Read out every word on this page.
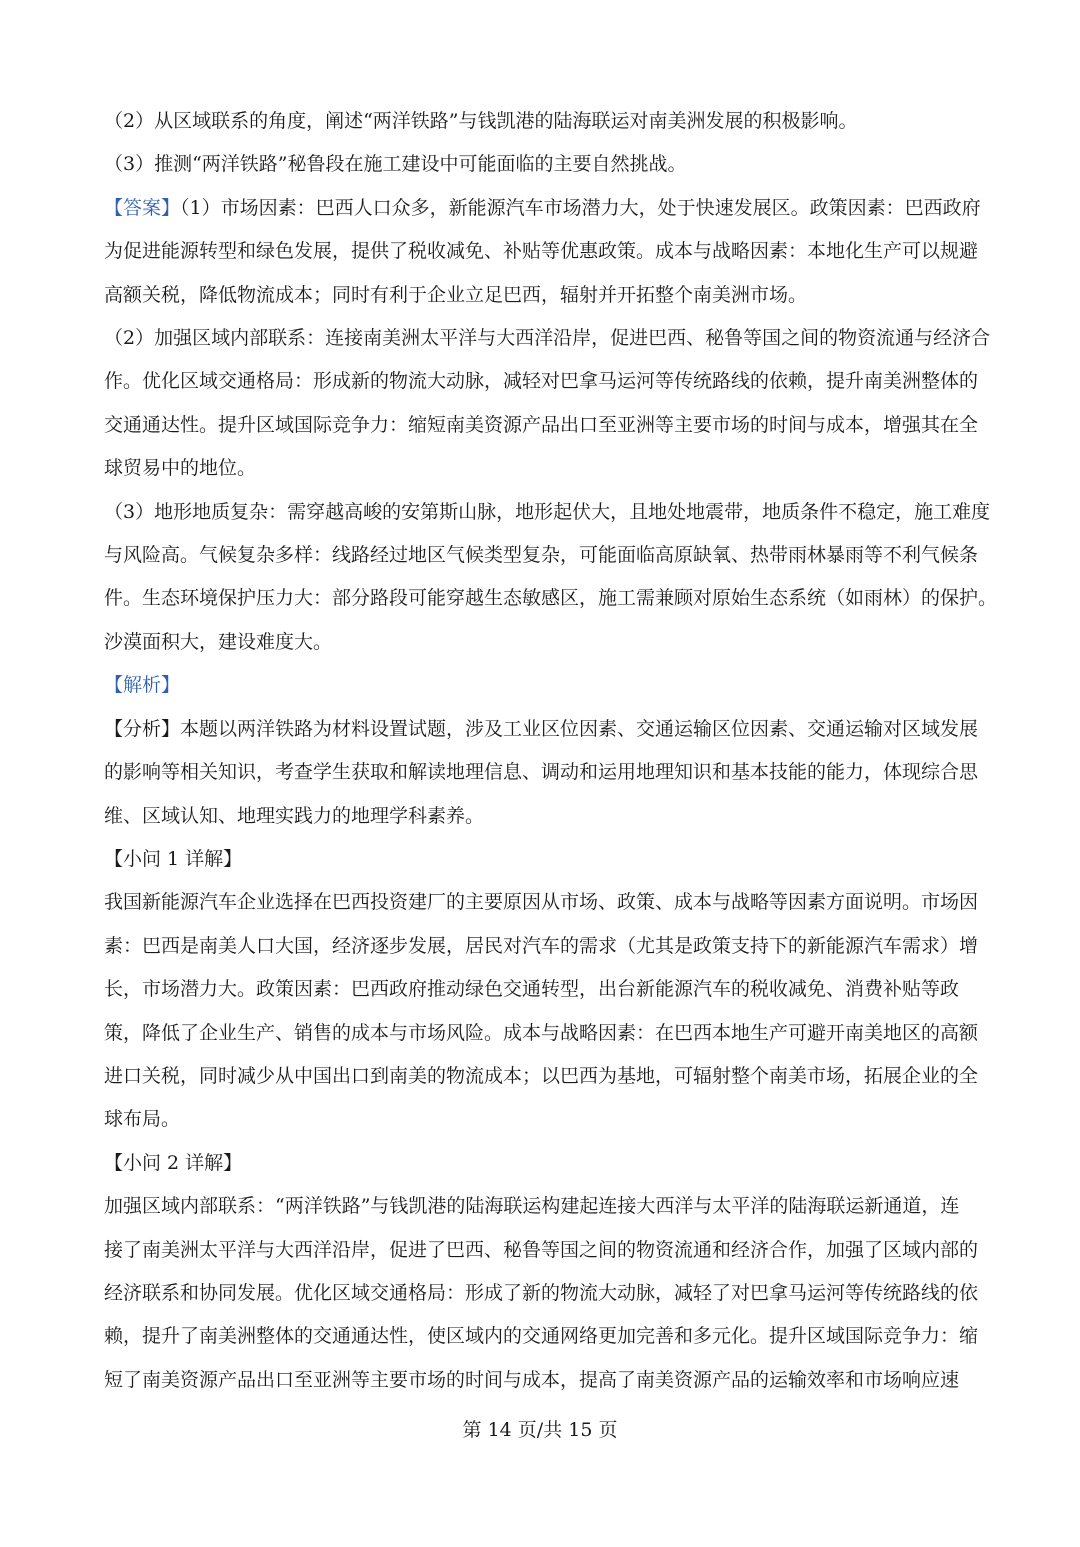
（2）从区域联系的角度，阐述“两洋铁路”与钱凯港的陆海联运对南美洲发展的积极影响。
（3）推测“两洋铁路”秘鲁段在施工建设中可能面临的主要自然挑战。
【答案】（1）市场因素：巴西人口众多，新能源汽车市场潜力大，处于快速发展区。政策因素：巴西政府
为促进能源转型和绿色发展，提供了税收减免、补贴等优惠政策。成本与战略因素：本地化生产可以规避
高额关税，降低物流成本；同时有利于企业立足巴西，辐射并开拓整个南美洲市场。
（2）加强区域内部联系：连接南美洲太平洋与大西洋沿岸，促进巴西、秘鲁等国之间的物资流通与经济合
作。优化区域交通格局：形成新的物流大动脉，减轻对巴拿马运河等传统路线的依赖，提升南美洲整体的
交通通达性。提升区域国际竞争力：缩短南美资源产品出口至亚洲等主要市场的时间与成本，增强其在全
球贸易中的地位。
（3）地形地质复杂：需穿越高峻的安第斯山脉，地形起伏大，且地处地震带，地质条件不稳定，施工难度
与风险高。气候复杂多样：线路经过地区气候类型复杂，可能面临高原缺氧、热带雨林暴雨等不利气候条
件。生态环境保护压力大：部分路段可能穿越生态敏感区，施工需兼顾对原始生态系统（如雨林）的保护。
沙漠面积大，建设难度大。
【解析】
【分析】本题以两洋铁路为材料设置试题，涉及工业区位因素、交通运输区位因素、交通运输对区域发展
的影响等相关知识，考查学生获取和解读地理信息、调动和运用地理知识和基本技能的能力，体现综合思
维、区域认知、地理实践力的地理学科素养。
【小问 1 详解】
我国新能源汽车企业选择在巴西投资建厂的主要原因从市场、政策、成本与战略等因素方面说明。市场因
素：巴西是南美人口大国，经济逐步发展，居民对汽车的需求（尤其是政策支持下的新能源汽车需求）增
长，市场潜力大。政策因素：巴西政府推动绿色交通转型，出台新能源汽车的税收减免、消费补贴等政
策，降低了企业生产、销售的成本与市场风险。成本与战略因素：在巴西本地生产可避开南美地区的高额
进口关税，同时减少从中国出口到南美的物流成本；以巴西为基地，可辐射整个南美市场，拓展企业的全
球布局。
【小问 2 详解】
加强区域内部联系：“两洋铁路”与钱凯港的陆海联运构建起连接大西洋与太平洋的陆海联运新通道，连
接了南美洲太平洋与大西洋沿岸，促进了巴西、秘鲁等国之间的物资流通和经济合作，加强了区域内部的
经济联系和协同发展。优化区域交通格局：形成了新的物流大动脉，减轻了对巴拿马运河等传统路线的依
赖，提升了南美洲整体的交通通达性，使区域内的交通网络更加完善和多元化。提升区域国际竞争力：缩
短了南美资源产品出口至亚洲等主要市场的时间与成本，提高了南美资源产品的运输效率和市场响应速
第 14 页/共 15 页
